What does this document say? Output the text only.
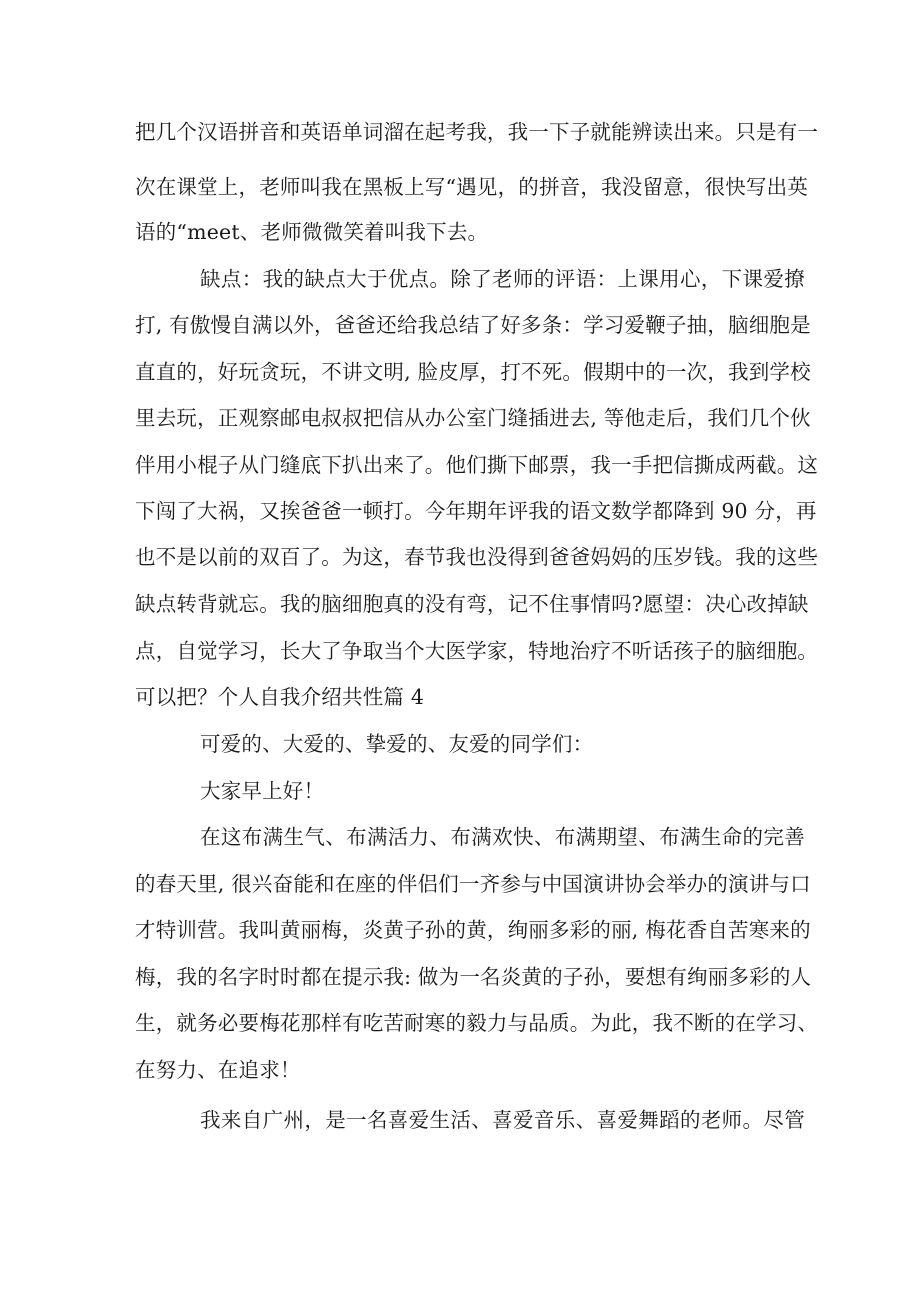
把几个汉语拼音和英语单词溜在起考我，我一下子就能辨读出来。只是有一
次在课堂上，老师叫我在黑板上写“遇见，的拼音，我没留意，很快写出英
语的“meet、老师微微笑着叫我下去。
缺点：我的缺点大于优点。除了老师的评语：上课用心，下课爱撩
打, 有傲慢自满以外，爸爸还给我总结了好多条：学习爱鞭子抽，脑细胞是
直直的，好玩贪玩，不讲文明, 脸皮厚，打不死。假期中的一次，我到学校
里去玩，正观察邮电叔叔把信从办公室门缝插进去, 等他走后，我们几个伙
伴用小棍子从门缝底下扒出来了。他们撕下邮票，我一手把信撕成两截。这
下闯了大祸，又挨爸爸一顿打。今年期年评我的语文数学都降到 90 分，再
也不是以前的双百了。为这，春节我也没得到爸爸妈妈的压岁钱。我的这些
缺点转背就忘。我的脑细胞真的没有弯，记不住事情吗?愿望：决心改掉缺
点，自觉学习，长大了争取当个大医学家，特地治疗不听话孩子的脑细胞。
可以把？个人自我介绍共性篇 4
可爱的、大爱的、挚爱的、友爱的同学们：
大家早上好！
在这布满生气、布满活力、布满欢快、布满期望、布满生命的完善
的春天里, 很兴奋能和在座的伴侣们一齐参与中国演讲协会举办的演讲与口
才特训营。我叫黄丽梅，炎黄子孙的黄，绚丽多彩的丽, 梅花香自苦寒来的
梅，我的名字时时都在提示我: 做为一名炎黄的子孙，要想有绚丽多彩的人
生，就务必要梅花那样有吃苦耐寒的毅力与品质。为此，我不断的在学习、
在努力、在追求！
我来自广州，是一名喜爱生活、喜爱音乐、喜爱舞蹈的老师。尽管
